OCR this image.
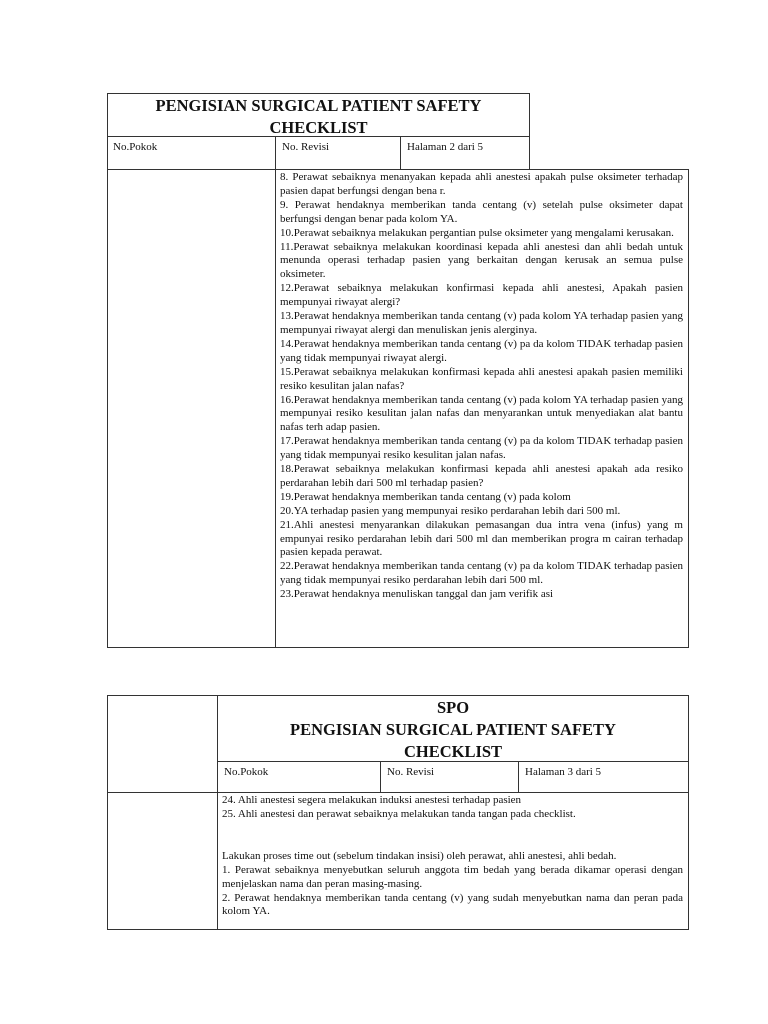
PENGISIAN SURGICAL PATIENT SAFETY
CHECKLIST
No.Pokok	No. Revisi	Halaman 2 dari 5

8. Perawat sebaiknya menanyakan kepada ahli anestesi apakah pulse oksimeter terhadap pasien dapat berfungsi dengan bena r.

9. Perawat hendaknya memberikan tanda centang (v) setelah pulse oksimeter dapat berfungsi dengan benar pada kolom YA.

10.Perawat sebaiknya melakukan pergantian pulse oksimeter yang mengalami kerusakan.

11.Perawat sebaiknya melakukan koordinasi kepada ahli anestesi dan ahli bedah untuk menunda operasi terhadap pasien yang berkaitan dengan kerusak an semua pulse oksimeter.

12.Perawat sebaiknya melakukan konfirmasi kepada ahli anestesi, Apakah pasien mempunyai riwayat alergi?

13.Perawat hendaknya memberikan tanda centang (v) pada kolom YA terhadap pasien yang mempunyai riwayat alergi dan menuliskan jenis alerginya.

14.Perawat hendaknya memberikan tanda centang (v) pa da kolom TIDAK terhadap pasien yang tidak mempunyai riwayat alergi.

15.Perawat sebaiknya melakukan konfirmasi kepada ahli anestesi apakah pasien memiliki resiko kesulitan jalan nafas?

16.Perawat hendaknya memberikan tanda centang (v) pada kolom YA terhadap pasien yang mempunyai resiko kesulitan jalan nafas dan menyarankan untuk menyediakan alat bantu nafas terh adap pasien.

17.Perawat hendaknya memberikan tanda centang (v) pa da kolom TIDAK terhadap pasien yang tidak mempunyai resiko kesulitan jalan nafas.

18.Perawat sebaiknya melakukan konfirmasi kepada ahli anestesi apakah ada resiko perdarahan lebih dari 500 ml terhadap pasien?

19.Perawat hendaknya memberikan tanda centang (v) pada kolom

20.YA terhadap pasien yang mempunyai resiko perdarahan lebih dari 500 ml.

21.Ahli anestesi menyarankan dilakukan pemasangan dua intra vena (infus) yang m empunyai resiko perdarahan lebih dari 500 ml dan memberikan progra m cairan terhadap pasien kepada perawat.

22.Perawat hendaknya memberikan tanda centang (v) pa da kolom TIDAK terhadap pasien yang tidak mempunyai resiko perdarahan lebih dari 500 ml.

23.Perawat hendaknya menuliskan tanggal dan jam verifik asi

SPO
PENGISIAN SURGICAL PATIENT SAFETY
CHECKLIST
No.Pokok	No. Revisi	Halaman 3 dari 5

24. Ahli anestesi segera melakukan induksi anestesi terhadap pasien

25. Ahli anestesi dan perawat sebaiknya melakukan tanda tangan pada checklist.

Lakukan proses time out (sebelum tindakan insisi) oleh perawat, ahli anestesi, ahli bedah.

1. Perawat sebaiknya menyebutkan seluruh anggota tim bedah yang berada dikamar operasi dengan menjelaskan nama dan peran masing-masing.

2. Perawat hendaknya memberikan tanda centang (v) yang sudah menyebutkan nama dan peran pada kolom YA.
